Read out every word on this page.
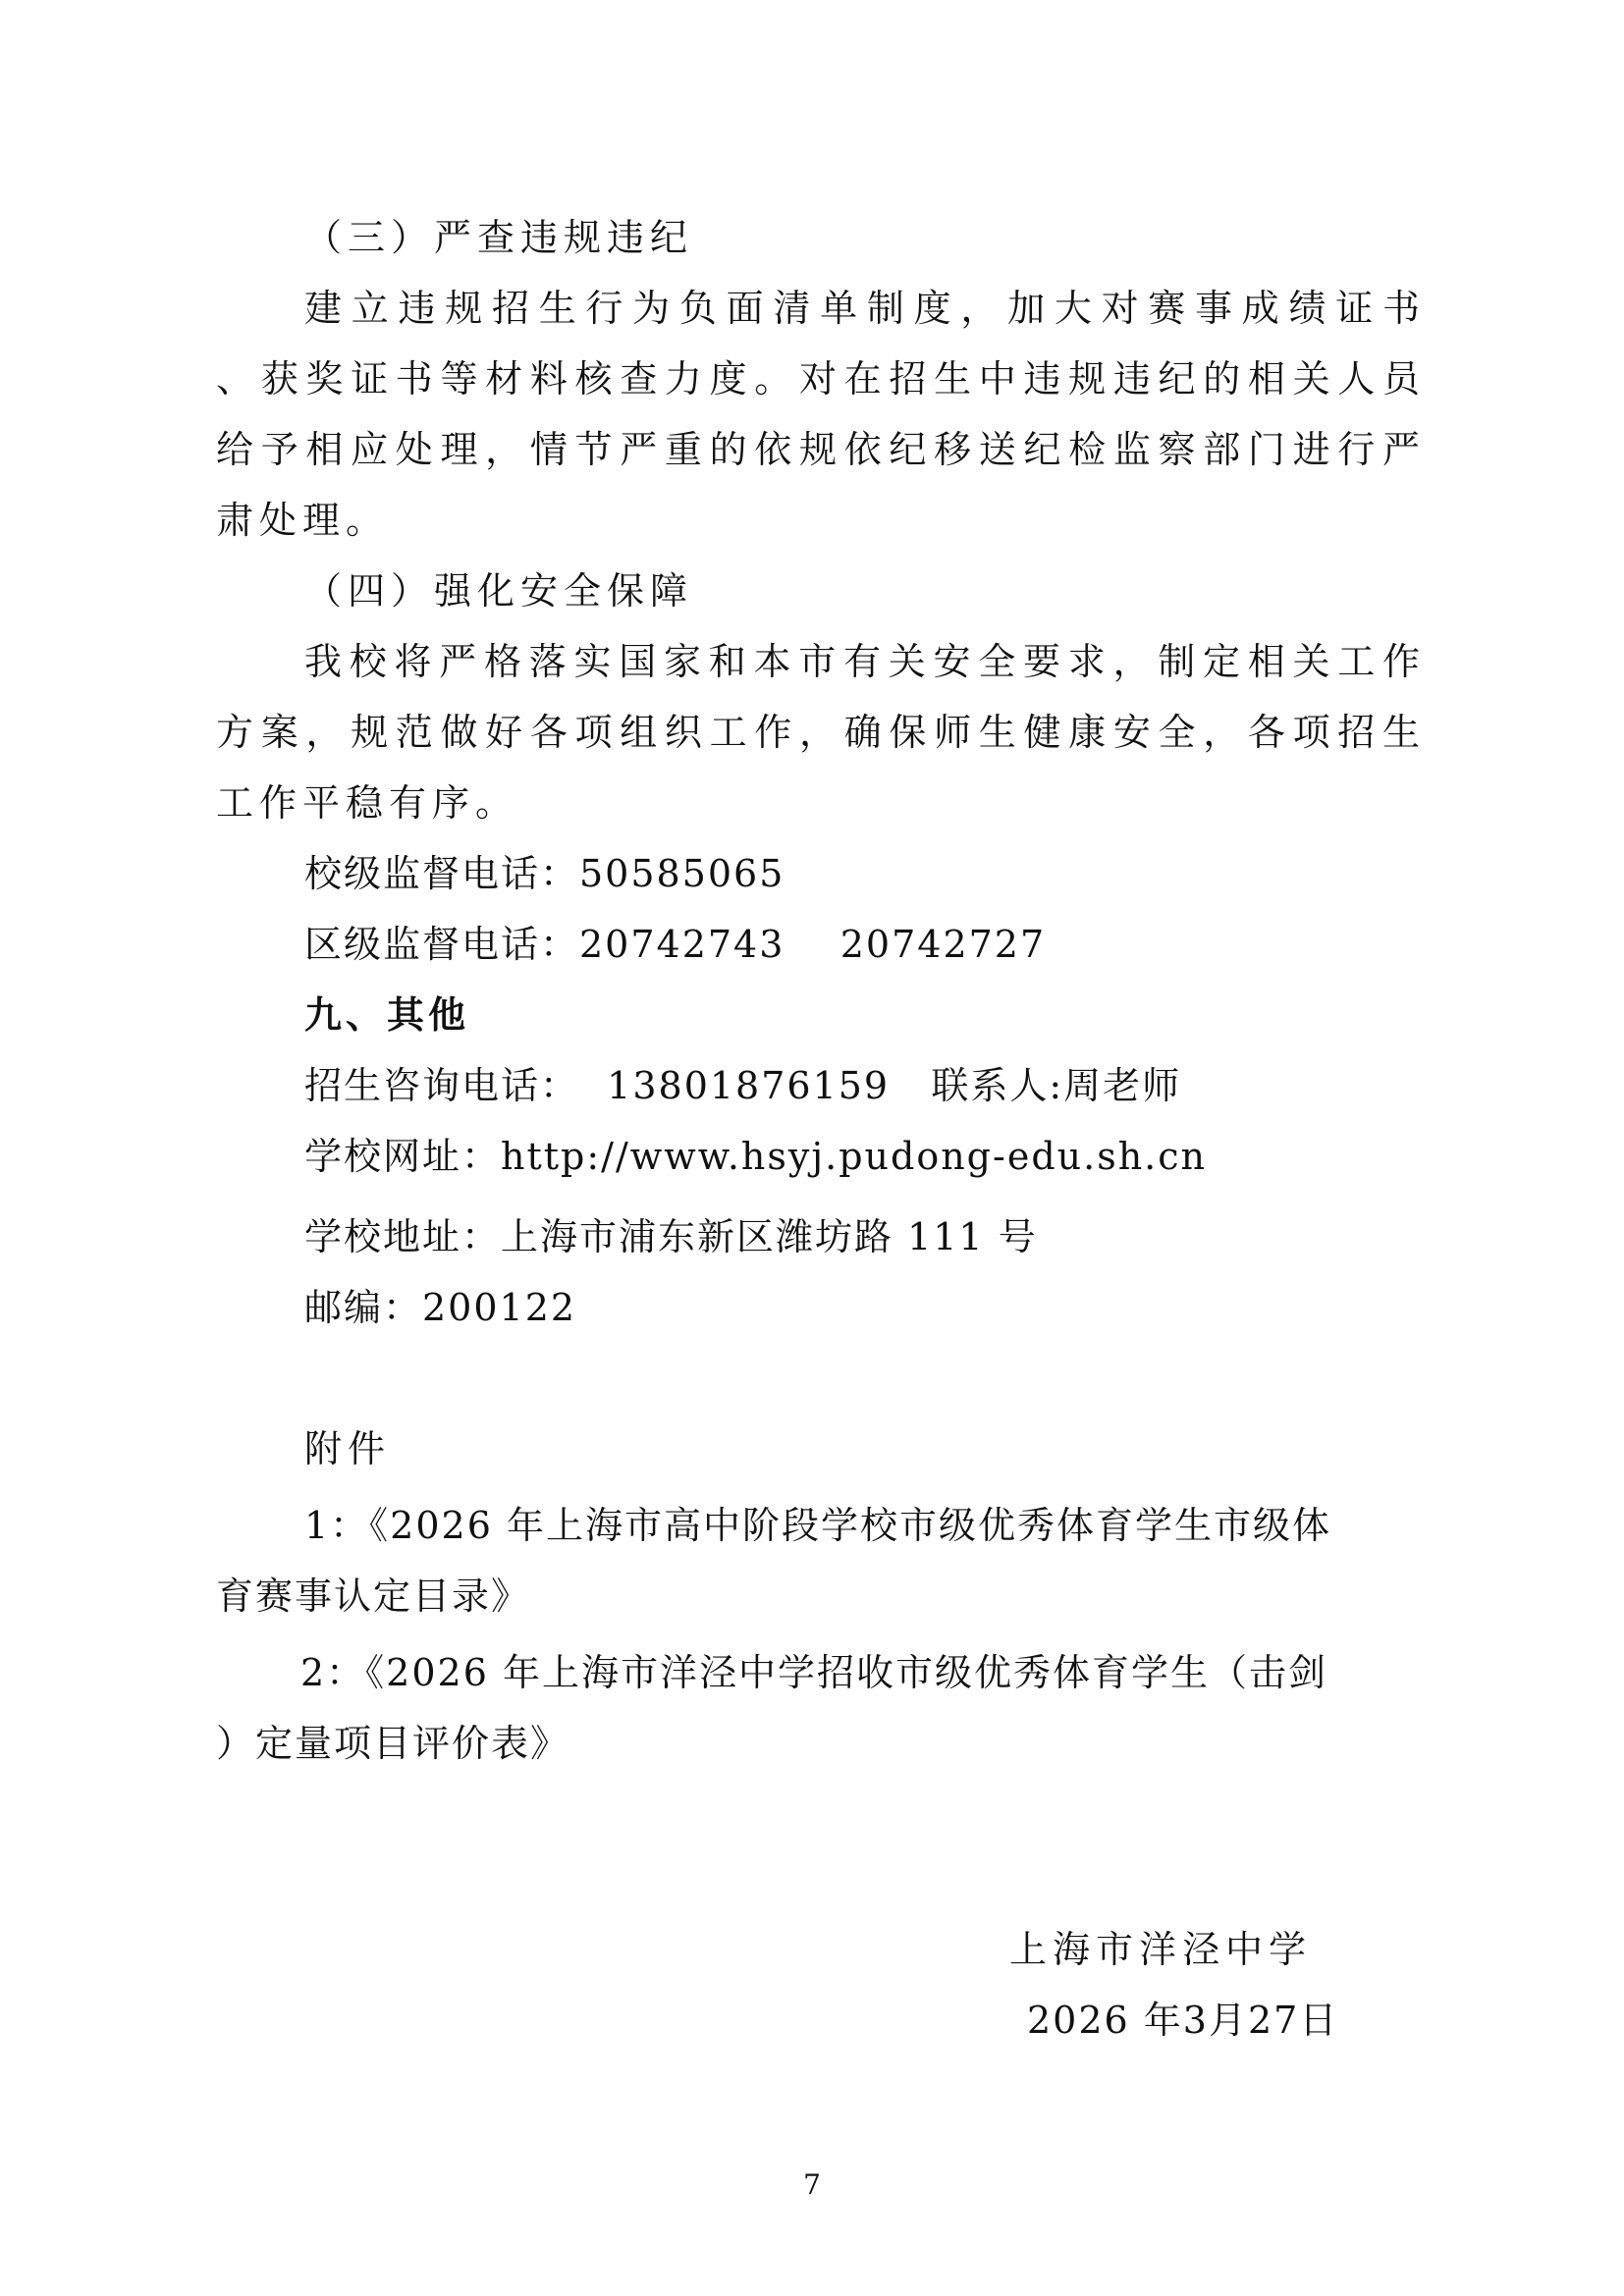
（三）严查违规违纪
建立违规招生行为负面清单制度，加大对赛事成绩证书
、获奖证书等材料核查力度。对在招生中违规违纪的相关人员
给予相应处理，情节严重的依规依纪移送纪检监察部门进行严
肃处理。
（四）强化安全保障
我校将严格落实国家和本市有关安全要求，制定相关工作
方案，规范做好各项组织工作，确保师生健康安全，各项招生
工作平稳有序。
校级监督电话：50585065
区级监督电话：20742743    20742727
九、其他
招生咨询电话：  13801876159   联系人:周老师
学校网址：http://www.hsyj.pudong-edu.sh.cn
学校地址：上海市浦东新区潍坊路 111 号
邮编：200122
附件
1：《2026 年上海市高中阶段学校市级优秀体育学生市级体
育赛事认定目录》
2：《2026 年上海市洋泾中学招收市级优秀体育学生（击剑
）定量项目评价表》
上海市洋泾中学
2026 年3月27日
7
